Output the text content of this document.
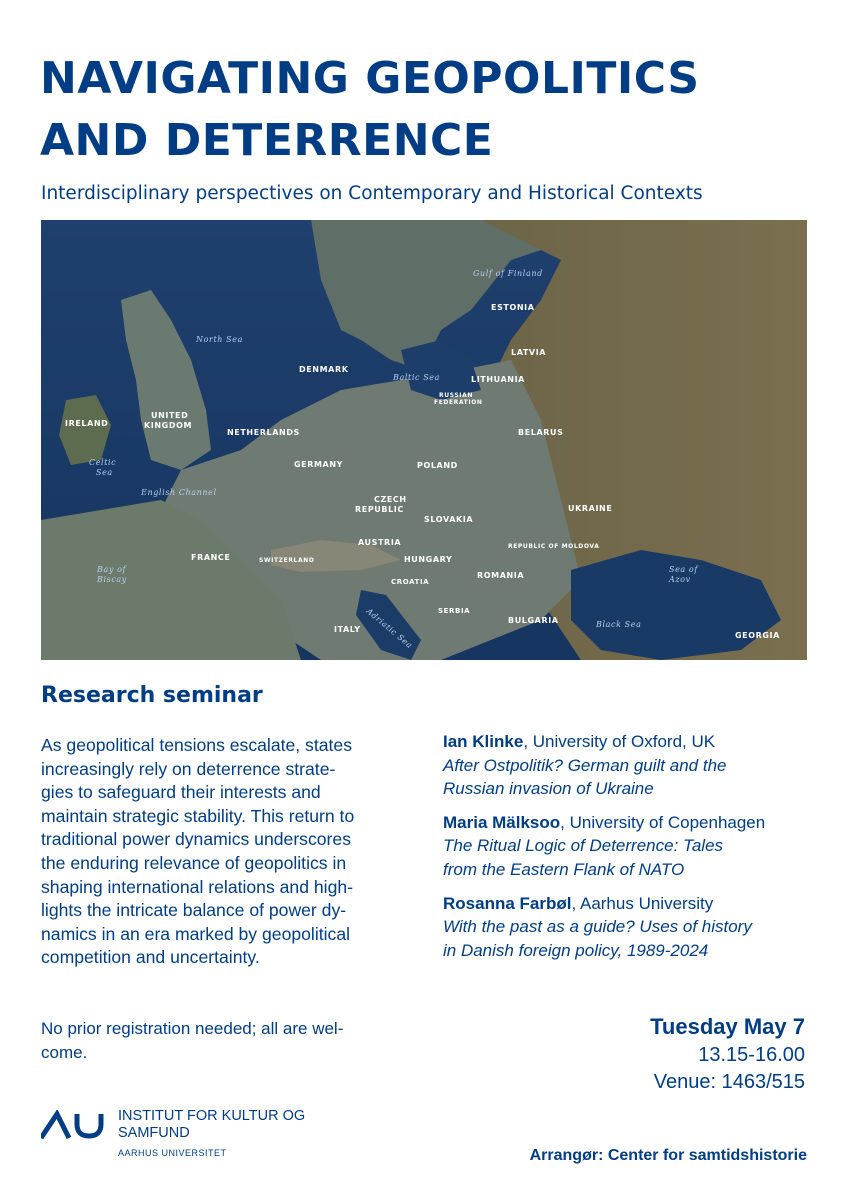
NAVIGATING GEOPOLITICS
AND DETERRENCE
Interdisciplinary perspectives on Contemporary and Historical Contexts
ESTONIA
LATVIA
LITHUANIA
DENMARK
UNITED
KINGDOM
IRELAND
NETHERLANDS
GERMANY	POLAND
BELARUS
CZECH
REPUBLIC
SLOVAKIA
UKRAINE
FRANCE
AUSTRIA
HUNGARY
ROMANIA
SWITZERLAND
CROATIA
SERBIA
BULGARIA
ITALY
GEORGIA
RUSSIAN
FEDERATION
REPUBLIC OF MOLDOVA
North Sea
Baltic Sea
Gulf of Finland
Celtic
Sea
English Channel
Bay of
Biscay
Black Sea
Sea of
Azov
Adriatic Sea
Research seminar
As geopolitical tensions escalate, states
increasingly rely on deterrence strate-
gies to safeguard their interests and
maintain strategic stability. This return to
traditional power dynamics underscores
the enduring relevance of geopolitics in
shaping international relations and high-
lights the intricate balance of power dy-
namics in an era marked by geopolitical
competition and uncertainty.
Ian Klinke, University of Oxford, UK
After Ostpolitik? German guilt and the
Russian invasion of Ukraine
Maria Mälksoo, University of Copenhagen
The Ritual Logic of Deterrence: Tales
from the Eastern Flank of NATO
Rosanna Farbøl, Aarhus University
With the past as a guide? Uses of history
in Danish foreign policy, 1989-2024
No prior registration needed; all are wel-
come.
Tuesday May 7
13.15-16.00
Venue: 1463/515
INSTITUT FOR KULTUR OG
SAMFUND
AARHUS UNIVERSITET	Arrangør: Center for samtidshistorie
